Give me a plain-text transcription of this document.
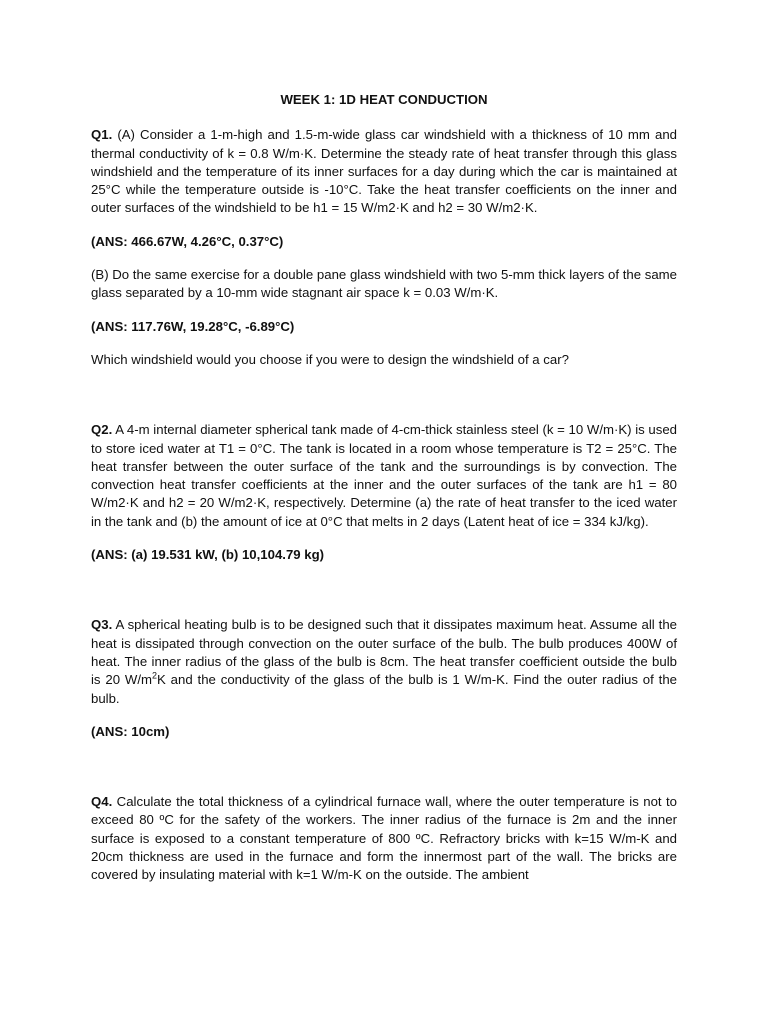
WEEK 1: 1D HEAT CONDUCTION

Q1. (A) Consider a 1-m-high and 1.5-m-wide glass car windshield with a thickness of 10 mm and thermal conductivity of k = 0.8 W/m·K. Determine the steady rate of heat transfer through this glass windshield and the temperature of its inner surfaces for a day during which the car is maintained at 25°C while the temperature outside is -10°C. Take the heat transfer coefficients on the inner and outer surfaces of the windshield to be h1 = 15 W/m2·K and h2 = 30 W/m2·K.

(ANS: 466.67W, 4.26°C, 0.37°C)

(B) Do the same exercise for a double pane glass windshield with two 5-mm thick layers of the same glass separated by a 10-mm wide stagnant air space k = 0.03 W/m·K.

(ANS: 117.76W, 19.28°C, -6.89°C)

Which windshield would you choose if you were to design the windshield of a car?

Q2. A 4-m internal diameter spherical tank made of 4-cm-thick stainless steel (k = 10 W/m·K) is used to store iced water at T1 = 0°C. The tank is located in a room whose temperature is T2 = 25°C. The heat transfer between the outer surface of the tank and the surroundings is by convection. The convection heat transfer coefficients at the inner and the outer surfaces of the tank are h1 = 80 W/m2·K and h2 = 20 W/m2·K, respectively. Determine (a) the rate of heat transfer to the iced water in the tank and (b) the amount of ice at 0°C that melts in 2 days (Latent heat of ice = 334 kJ/kg).

(ANS: (a) 19.531 kW, (b) 10,104.79 kg)

Q3. A spherical heating bulb is to be designed such that it dissipates maximum heat. Assume all the heat is dissipated through convection on the outer surface of the bulb. The bulb produces 400W of heat. The inner radius of the glass of the bulb is 8cm. The heat transfer coefficient outside the bulb is 20 $W/m^2K$ and the conductivity of the glass of the bulb is 1 W/m-K. Find the outer radius of the bulb.

(ANS: 10cm)

Q4. Calculate the total thickness of a cylindrical furnace wall, where the outer temperature is not to exceed 80 ºC for the safety of the workers. The inner radius of the furnace is 2m and the inner surface is exposed to a constant temperature of 800 ºC. Refractory bricks with k=15 W/m-K and 20cm thickness are used in the furnace and form the innermost part of the wall. The bricks are covered by insulating material with k=1 W/m-K on the outside. The ambient
